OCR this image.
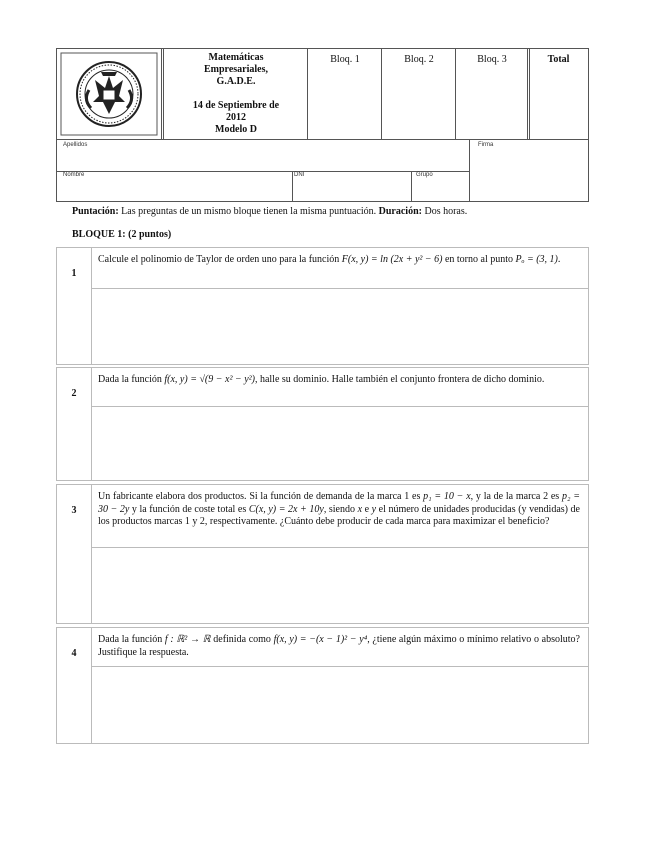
Matemáticas
Empresariales,
G.A.D.E.
14 de Septiembre de
2012
Modelo D
Bloq. 1	Bloq. 2	Bloq. 3	Total
Apellidos	Firma
Nombre	DNI	Grupo
Puntación: Las preguntas de un mismo bloque tienen la misma puntuación. Duración: Dos horas.
BLOQUE 1: (2 puntos)
1
Calcule el polinomio de Taylor de orden uno para la función F(x, y) = ln (2x + y² − 6) en torno al punto Pₒ = (3, 1).
2
Dada la función f(x, y) = √(9 − x² − y²), halle su dominio. Halle también el conjunto frontera de dicho dominio.
3
Un fabricante elabora dos productos. Si la función de demanda de la marca 1 es p₁ = 10 − x, y la de la marca 2 es p₂ = 30 − 2y y la función de coste total es C(x, y) = 2x + 10y, siendo x e y el número de unidades producidas (y vendidas) de los productos marcas 1 y 2, respectivamente. ¿Cuánto debe producir de cada marca para maximizar el beneficio?
4
Dada la función f : ℝ² → ℝ definida como f(x, y) = −(x − 1)² − y⁴, ¿tiene algún máximo o mínimo relativo o absoluto? Justifique la respuesta.
